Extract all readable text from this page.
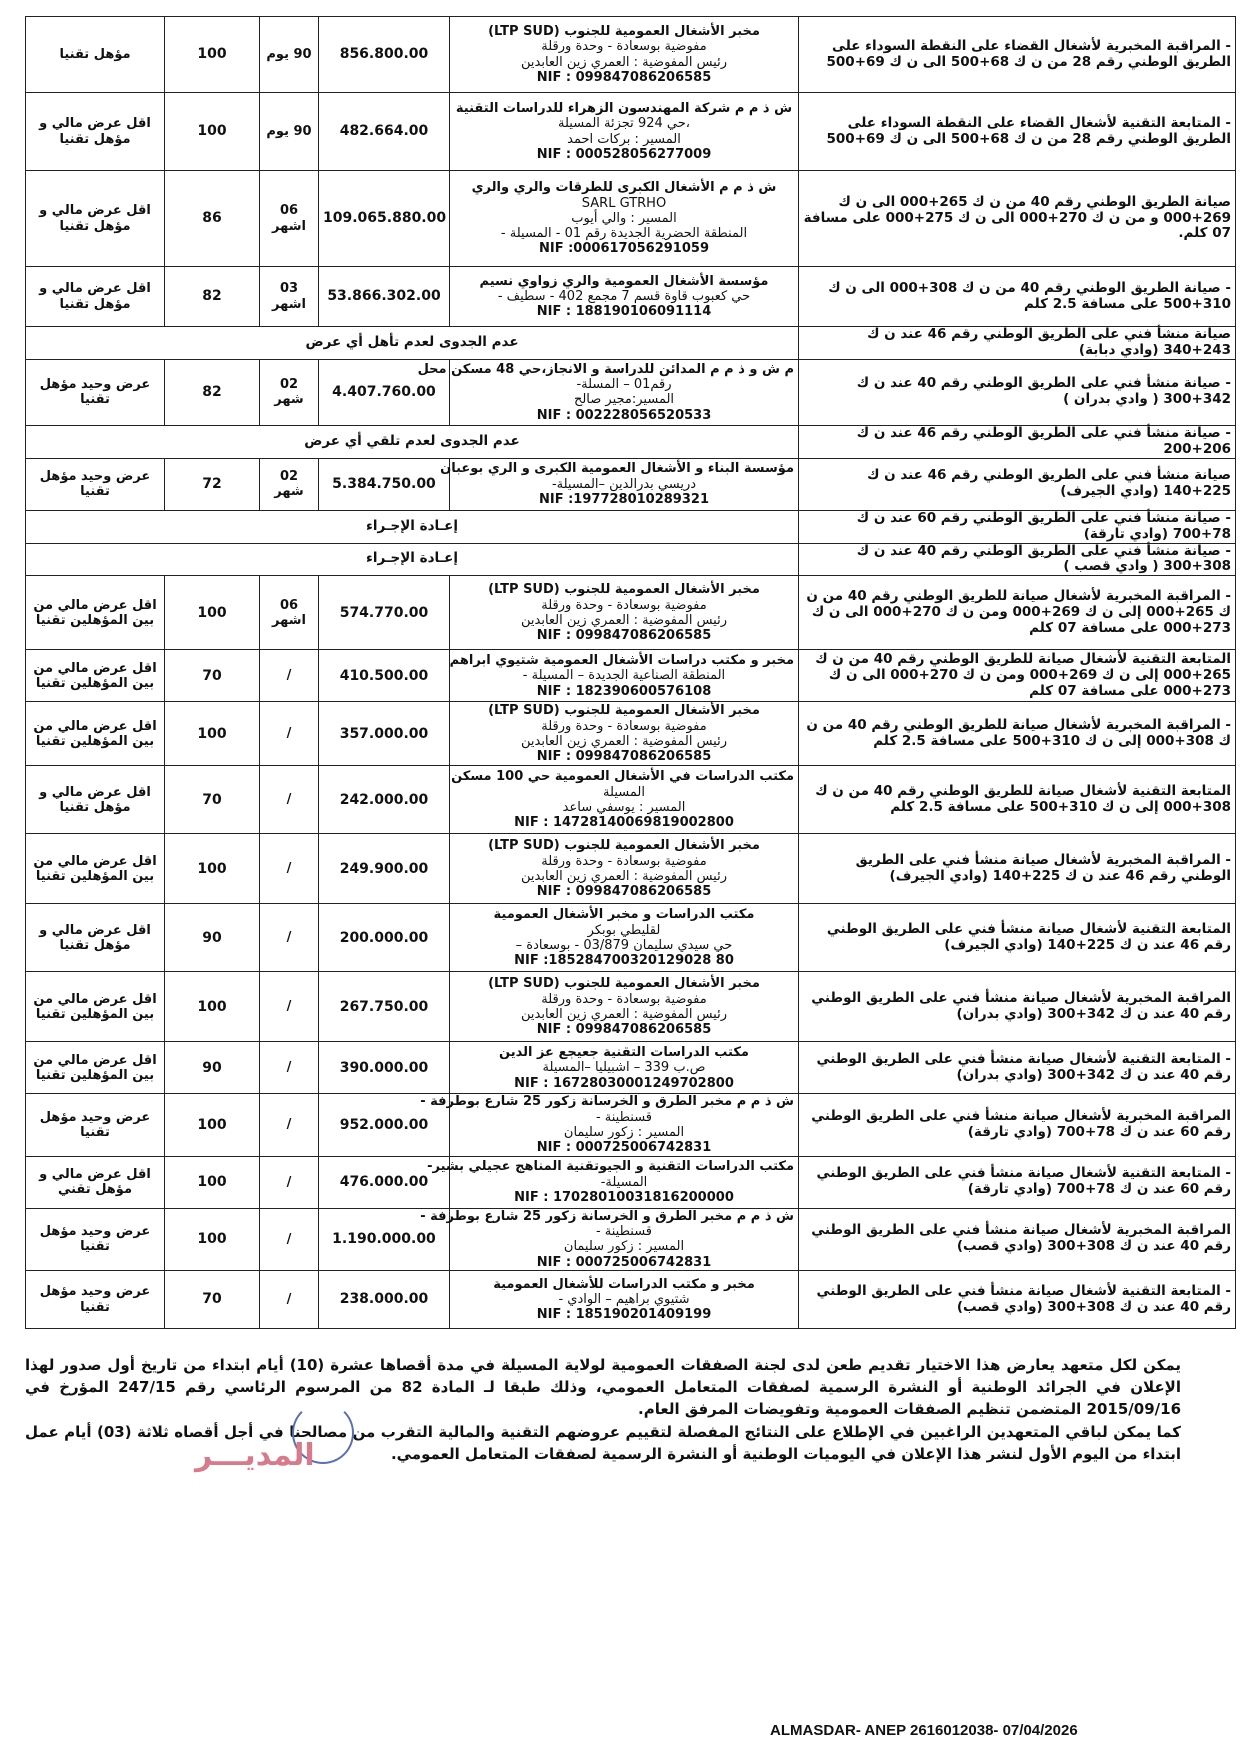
- المراقبة المخبرية لأشغال القضاء على النقطة السوداء على الطريق الوطني رقم 28 من ن ك 68+500 الى ن ك 69+500	مخبر الأشغال العمومية للجنوب (LTP SUD)
مفوضية بوسعادة - وحدة ورقلة
رئيس المفوضية : العمري زين العابدين
NIF : 099847086206585	856.800.00	90 يوم	100	مؤهل تقنيا
- المتابعة التقنية لأشغال القضاء على النقطة السوداء على الطريق الوطني رقم 28 من ن ك 68+500 الى ن ك 69+500	ش ذ م م شركة المهندسون الزهراء للدراسات التقنية
،حي 924 تجزئة المسيلة
المسير : بركات احمد
NIF : 000528056277009	482.664.00	90 يوم	100	اقل عرض مالي و مؤهل تقنيا
صيانة الطريق الوطني رقم 40 من ن ك 265+000 الى ن ك 269+000 و من ن ك 270+000 الى ن ك 275+000 على مسافة 07 كلم.	ش ذ م م الأشغال الكبرى للطرقات والري والري
SARL GTRHO
المسير : والي أيوب
المنطقة الحضرية الجديدة رقم 01 - المسيلة -
NIF :000617056291059	109.065.880.00	06 اشهر	86	اقل عرض مالي و مؤهل تقنيا
- صيانة الطريق الوطني رقم 40 من ن ك 308+000 الى ن ك 310+500 على مسافة 2.5 كلم	مؤسسة الأشغال العمومية والري زواوي نسيم
حي كعبوب قاوة قسم 7 مجمع 402 - سطيف -
NIF : 188190106091114	53.866.302.00	03 اشهر	82	اقل عرض مالي و مؤهل تقنيا
صيانة منشأ فني على الطريق الوطني رقم 46 عند ن ك 243+340 (وادي دبابة)	عدم الجدوى لعدم تأهل أي عرض				
- صيانة منشأ فني على الطريق الوطني رقم 40 عند ن ك 342+300 ( وادي بدران )	م ش و ذ م م المدائن للدراسة و الانجاز،حي 48 مسكن محل
رقم01 – المسلة-
المسير:مجير صالح
NIF : 002228056520533	4.407.760.00	02 شهر	82	عرض وحيد مؤهل تقنيا
- صيانة منشأ فني على الطريق الوطني رقم 46 عند ن ك 206+200	عدم الجدوى لعدم تلقي أي عرض				
صيانة منشأ فني على الطريق الوطني رقم 46 عند ن ك 225+140 (وادي الجيرف)	مؤسسة البناء و الأشغال العمومية الكبرى و الري بوعبان
دريسي بدرالدين –المسيلة-
NIF :197728010289321	5.384.750.00	02 شهر	72	عرض وحيد مؤهل تقنيا
- صيانة منشأ فني على الطريق الوطني رقم 60 عند ن ك 78+700 (وادي تارقة)	إعـادة الإجـراء				
- صيانة منشأ فني على الطريق الوطني رقم 40 عند ن ك 308+300 ( وادي قصب )	إعـادة الإجـراء				
- المراقبة المخبرية لأشغال صيانة للطريق الوطني رقم 40 من ن ك 265+000 إلى ن ك 269+000 ومن ن ك 270+000 الى ن ك 273+000 على مسافة 07 كلم	مخبر الأشغال العمومية للجنوب (LTP SUD)
مفوضية بوسعادة - وحدة ورقلة
رئيس المفوضية : العمري زين العابدين
NIF : 099847086206585	574.770.00	06 اشهر	100	اقل عرض مالي من بين المؤهلين تقنيا
المتابعة التقنية لأشغال صيانة للطريق الوطني رقم 40 من ن ك 265+000 إلى ن ك 269+000 ومن ن ك 270+000 الى ن ك 273+000 على مسافة 07 كلم	مخبر و مكتب دراسات الأشغال العمومية شتيوي ابراهم
المنطقة الصناعية الجديدة – المسيلة -
NIF : 182390600576108	410.500.00	/	70	اقل عرض مالي من بين المؤهلين تقنيا
- المراقبة المخبرية لأشغال صيانة للطريق الوطني رقم 40 من ن ك 308+000 إلى ن ك 310+500 على مسافة 2.5 كلم	مخبر الأشغال العمومية للجنوب (LTP SUD)
مفوضية بوسعادة - وحدة ورقلة
رئيس المفوضية : العمري زين العابدين
NIF : 099847086206585	357.000.00	/	100	اقل عرض مالي من بين المؤهلين تقنيا
المتابعة التقنية لأشغال صيانة للطريق الوطني رقم 40 من ن ك 308+000 إلى ن ك 310+500 على مسافة 2.5 كلم	مكتب الدراسات في الأشغال العمومية حي 100 مسكن
المسيلة
المسير : يوسفي ساعد
NIF : 14728140069819002800	242.000.00	/	70	اقل عرض مالي و مؤهل تقنيا
- المراقبة المخبرية لأشغال صيانة منشأ فني على الطريق الوطني رقم 46 عند ن ك 225+140 (وادي الجيرف)	مخبر الأشغال العمومية للجنوب (LTP SUD)
مفوضية بوسعادة - وحدة ورقلة
رئيس المفوضية : العمري زين العابدين
NIF : 099847086206585	249.900.00	/	100	اقل عرض مالي من بين المؤهلين تقنيا
المتابعة التقنية لأشغال صيانة منشأ فني على الطريق الوطني رقم 46 عند ن ك 225+140 (وادي الجيرف)	مكتب الدراسات و مخبر الأشغال العمومية
لقليطي بوبكر
حي سيدي سليمان 03/879 - بوسعادة –
NIF :185284700320129028 80	200.000.00	/	90	اقل عرض مالي و مؤهل تقنيا
المراقبة المخبرية لأشغال صيانة منشأ فني على الطريق الوطني رقم 40 عند ن ك 342+300 (وادي بدران)	مخبر الأشغال العمومية للجنوب (LTP SUD)
مفوضية بوسعادة - وحدة ورقلة
رئيس المفوضية : العمري زين العابدين
NIF : 099847086206585	267.750.00	/	100	اقل عرض مالي من بين المؤهلين تقنيا
- المتابعة التقنية لأشغال صيانة منشأ فني على الطريق الوطني رقم 40 عند ن ك 342+300 (وادي بدران)	مكتب الدراسات التقنية جعيجع عز الدين
ص.ب 339 – اشبيليا –المسيلة
NIF : 16728030001249702800	390.000.00	/	90	اقل عرض مالي من بين المؤهلين تقنيا
المراقبة المخبرية لأشغال صيانة منشأ فني على الطريق الوطني رقم 60 عند ن ك 78+700 (وادي تارقة)	ش ذ م م مخبر الطرق و الخرسانة زكور 25 شارع بوطرفة -
قسنطينة -
المسير : زكور سليمان
NIF : 000725006742831	952.000.00	/	100	عرض وحيد مؤهل تقنيا
- المتابعة التقنية لأشغال صيانة منشأ فني على الطريق الوطني رقم 60 عند ن ك 78+700 (وادي تارقة)	مكتب الدراسات التقنية و الجيوتقنية المناهج عجيلي بشير-
المسيلة-
NIF : 17028010031816200000	476.000.00	/	100	اقل عرض مالي و مؤهل تقني
المراقبة المخبرية لأشغال صيانة منشأ فني على الطريق الوطني رقم 40 عند ن ك 308+300 (وادي قصب)	ش ذ م م مخبر الطرق و الخرسانة زكور 25 شارع بوطرفة -
قسنطينة -
المسير : زكور سليمان
NIF : 000725006742831	1.190.000.00	/	100	عرض وحيد مؤهل تقنيا
- المتابعة التقنية لأشغال صيانة منشأ فني على الطريق الوطني رقم 40 عند ن ك 308+300 (وادي قصب)	مخبر و مكتب الدراسات للأشغال العمومية
شتيوي براهيم – الوادي -
NIF : 185190201409199	238.000.00	/	70	عرض وحيد مؤهل تقنيا

يمكن لكل متعهد يعارض هذا الاختيار تقديم طعن لدى لجنة الصفقات العمومية لولاية المسيلة في مدة أقصاها عشرة (10) أيام ابتداء من تاريخ أول صدور لهذا الإعلان في الجرائد الوطنية أو النشرة الرسمية لصفقات المتعامل العمومي، وذلك طبقا لـ المادة 82 من المرسوم الرئاسي رقم 247/15 المؤرخ في 2015/09/16 المتضمن تنظيم الصفقات العمومية وتفويضات المرفق العام.

كما يمكن لباقي المتعهدين الراغبين في الإطلاع على النتائج المفصلة لتقييم عروضهم التقنية والمالية التقرب من مصالحنا في أجل أقصاه ثلاثة (03) أيام عمل ابتداء من اليوم الأول لنشر هذا الإعلان في اليوميات الوطنية أو النشرة الرسمية لصفقات المتعامل العمومي.

المديـــر
ALMASDAR- ANEP 2616012038- 07/04/2026
